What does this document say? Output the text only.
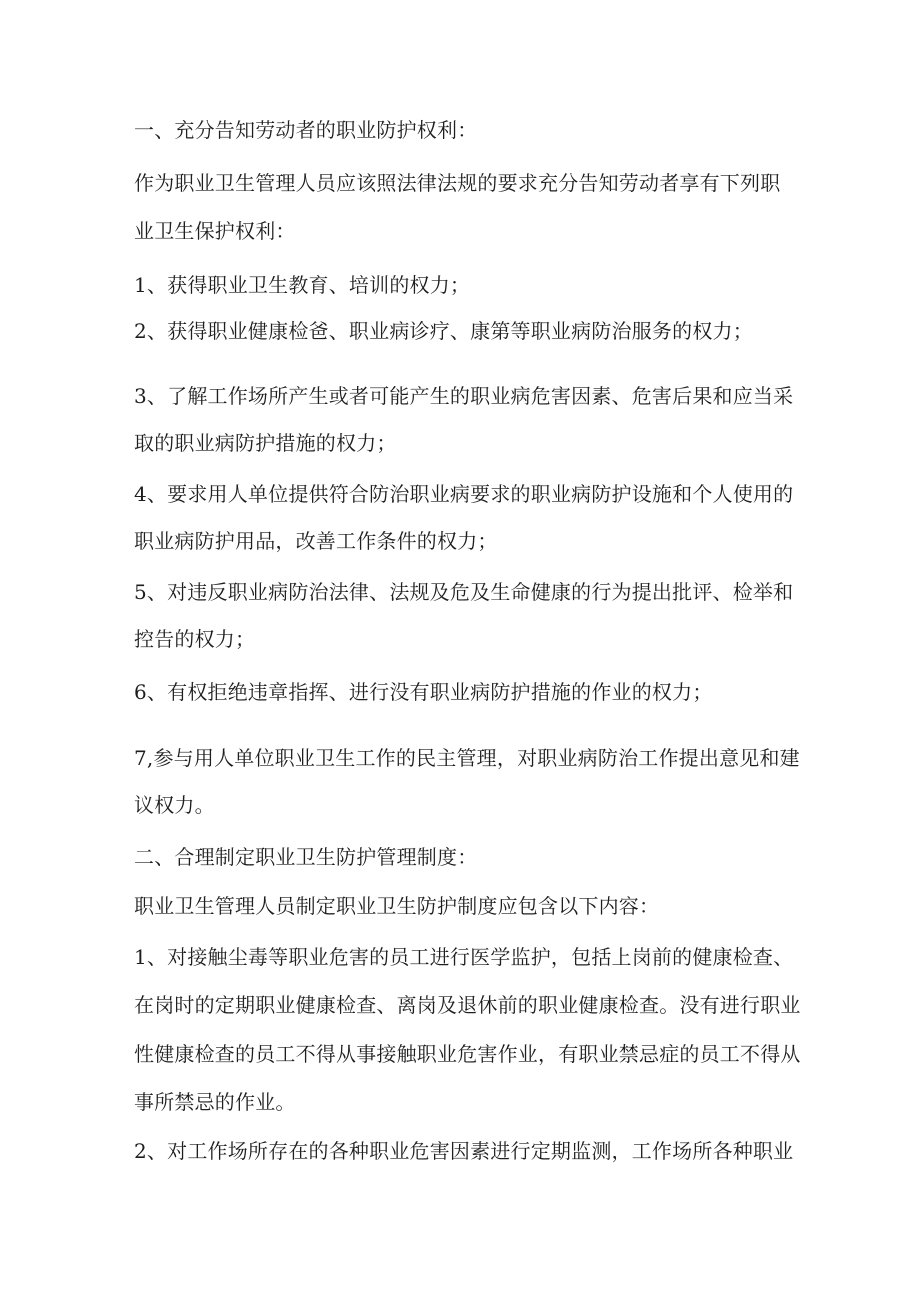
一、充分告知劳动者的职业防护权利：
作为职业卫生管理人员应该照法律法规的要求充分告知劳动者享有下列职
业卫生保护权利：
1、获得职业卫生教育、培训的权力；
2、获得职业健康检爸、职业病诊疗、康第等职业病防治服务的权力；
3、了解工作场所产生或者可能产生的职业病危害因素、危害后果和应当采
取的职业病防护措施的权力；
4、要求用人单位提供符合防治职业病要求的职业病防护设施和个人使用的
职业病防护用品，改善工作条件的权力；
5、对违反职业病防治法律、法规及危及生命健康的行为提出批评、检举和
控告的权力；
6、有权拒绝违章指挥、进行没有职业病防护措施的作业的权力；
7,参与用人单位职业卫生工作的民主管理，对职业病防治工作提出意见和建
议权力。
二、合理制定职业卫生防护管理制度：
职业卫生管理人员制定职业卫生防护制度应包含以下内容：
1、对接触尘毒等职业危害的员工进行医学监护，包括上岗前的健康检查、
在岗时的定期职业健康检查、离岗及退休前的职业健康检查。没有进行职业
性健康检查的员工不得从事接触职业危害作业，有职业禁忌症的员工不得从
事所禁忌的作业。
2、对工作场所存在的各种职业危害因素进行定期监测，工作场所各种职业
